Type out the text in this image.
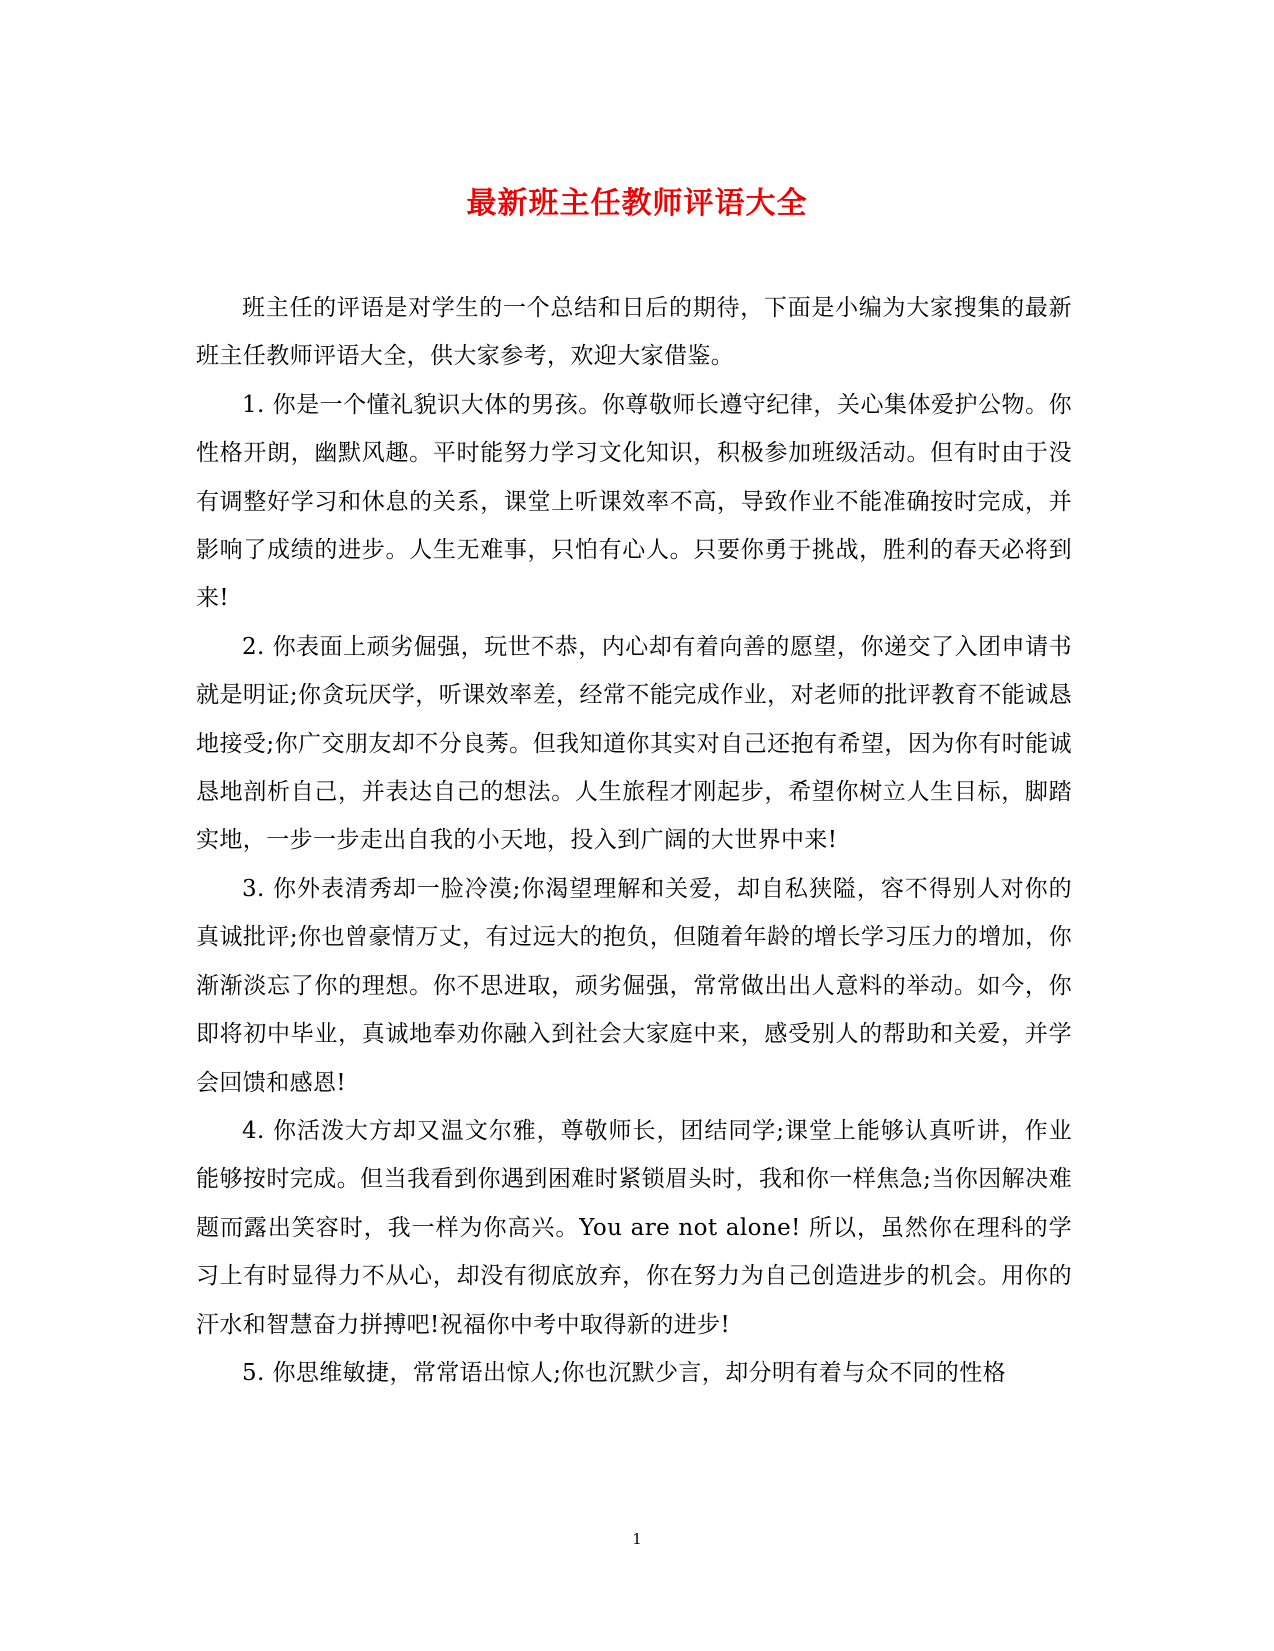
最新班主任教师评语大全

班主任的评语是对学生的一个总结和日后的期待，下面是小编为大家搜集的最新班主任教师评语大全，供大家参考，欢迎大家借鉴。

1. 你是一个懂礼貌识大体的男孩。你尊敬师长遵守纪律，关心集体爱护公物。你性格开朗，幽默风趣。平时能努力学习文化知识，积极参加班级活动。但有时由于没有调整好学习和休息的关系，课堂上听课效率不高，导致作业不能准确按时完成，并影响了成绩的进步。人生无难事，只怕有心人。只要你勇于挑战，胜利的春天必将到来!

2. 你表面上顽劣倔强，玩世不恭，内心却有着向善的愿望，你递交了入团申请书就是明证;你贪玩厌学，听课效率差，经常不能完成作业，对老师的批评教育不能诚恳地接受;你广交朋友却不分良莠。但我知道你其实对自己还抱有希望，因为你有时能诚恳地剖析自己，并表达自己的想法。人生旅程才刚起步，希望你树立人生目标，脚踏实地，一步一步走出自我的小天地，投入到广阔的大世界中来!

3. 你外表清秀却一脸冷漠;你渴望理解和关爱，却自私狭隘，容不得别人对你的真诚批评;你也曾豪情万丈，有过远大的抱负，但随着年龄的增长学习压力的增加，你渐渐淡忘了你的理想。你不思进取，顽劣倔强，常常做出出人意料的举动。如今，你即将初中毕业，真诚地奉劝你融入到社会大家庭中来，感受别人的帮助和关爱，并学会回馈和感恩!

4. 你活泼大方却又温文尔雅，尊敬师长，团结同学;课堂上能够认真听讲，作业能够按时完成。但当我看到你遇到困难时紧锁眉头时，我和你一样焦急;当你因解决难题而露出笑容时，我一样为你高兴。You are not alone! 所以，虽然你在理科的学习上有时显得力不从心，却没有彻底放弃，你在努力为自己创造进步的机会。用你的汗水和智慧奋力拼搏吧!祝福你中考中取得新的进步!

5. 你思维敏捷，常常语出惊人;你也沉默少言，却分明有着与众不同的性格

1
